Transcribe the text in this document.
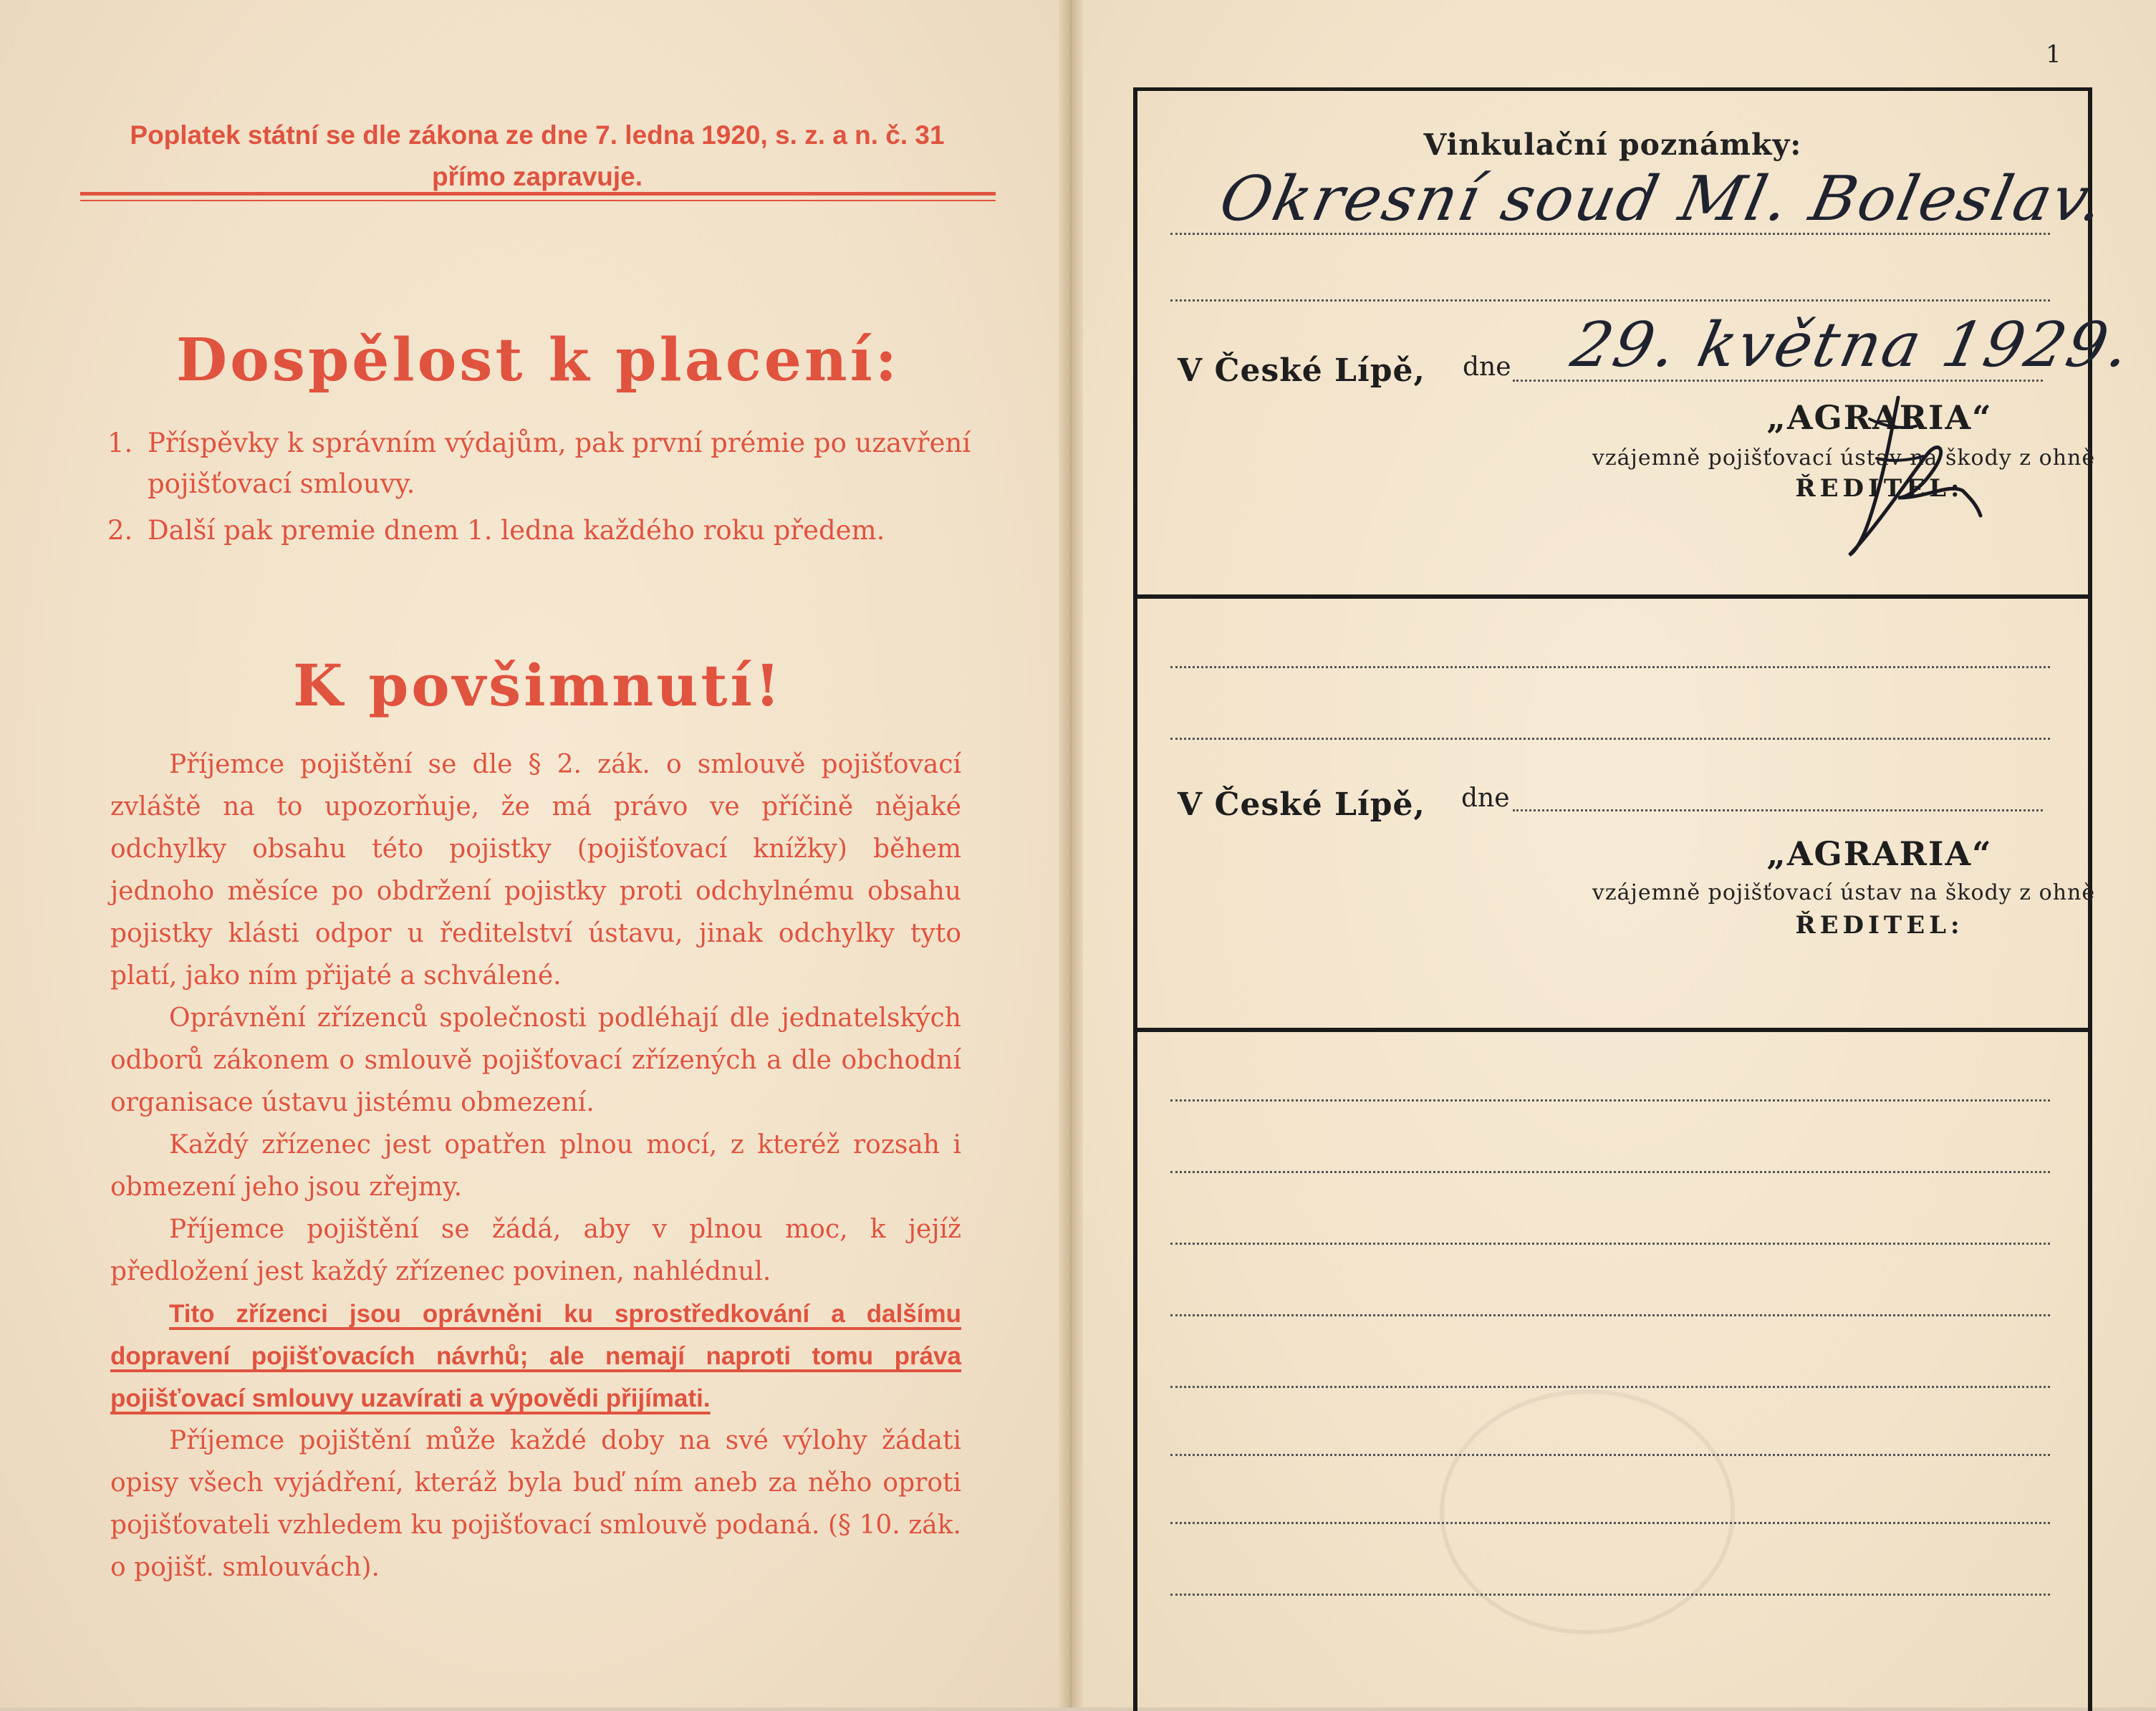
Poplatek státní se dle zákona ze dne 7. ledna 1920, s. z. a n. č. 31
přímo zapravuje.
Dospělost k placení:
1. Příspěvky k správním výdajům, pak první prémie po uzavření pojišťovací smlouvy.
2. Další pak premie dnem 1. ledna každého roku předem.
K povšimnutí!

Příjemce pojištění se dle § 2. zák. o smlouvě pojišťovací zvláště na to upozorňuje, že má právo ve příčině nějaké odchylky obsahu této pojistky (pojišťovací knížky) během jednoho měsíce po obdržení pojistky proti odchylnému obsahu pojistky klásti odpor u ředitelství ústavu, jinak odchylky tyto platí, jako ním přijaté a schválené.

Oprávnění zřízenců společnosti podléhají dle jednatelských odborů zákonem o smlouvě pojišťovací zřízených a dle obchodní organisace ústavu jistému obmezení.

Každý zřízenec jest opatřen plnou mocí, z kteréž rozsah i obmezení jeho jsou zřejmy.

Příjemce pojištění se žádá, aby v plnou moc, k jejíž předložení jest každý zřízenec povinen, nahlédnul.

Tito zřízenci jsou oprávněni ku sprostředkování a dalšímu dopravení pojišťovacích návrhů; ale nemají naproti tomu práva pojišťovací smlouvy uzavírati a výpovědi přijímati.

Příjemce pojištění může každé doby na své výlohy žádati opisy všech vyjádření, kteráž byla buď ním aneb za něho oproti pojišťovateli vzhledem ku pojišťovací smlouvě podaná. (§ 10. zák. o pojišť. smlouvách).

1
Vinkulační poznámky:
Okresní soud Ml. Boleslav.
V České Lípě, dne 29. května 1929.
„AGRARIA“
vzájemně pojišťovací ústav na škody z ohně
ŘEDITEL:
V České Lípě, dne
„AGRARIA“
vzájemně pojišťovací ústav na škody z ohně
ŘEDITEL:
